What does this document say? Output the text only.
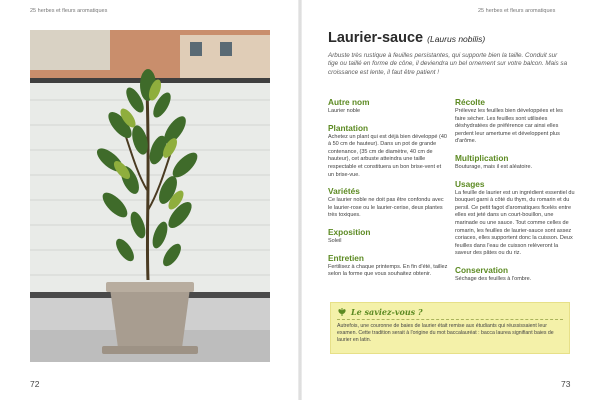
25 herbes et fleurs aromatiques
72
25 herbes et fleurs aromatiques
Laurier-sauce (Laurus nobilis)
Arbuste très rustique à feuilles persistantes, qui supporte bien la taille. Conduit sur tige ou taillé en forme de cône, il deviendra un bel ornement sur votre balcon. Mais sa croissance est lente, il faut être patient !
Autre nom

Laurier noble

Plantation

Achetez un plant qui est déjà bien développé (40 à 50 cm de hauteur). Dans un pot de grande contenance, (35 cm de diamètre, 40 cm de hauteur), cet arbuste atteindra une taille respectable et constituera un bon brise-vent et un brise-vue.

Variétés

Ce laurier noble ne doit pas être confondu avec le laurier-rose ou le laurier-cerise, deux plantes très toxiques.

Exposition

Soleil

Entretien

Fertilisez à chaque printemps. En fin d'été, taillez selon la forme que vous souhaitez obtenir.

Récolte

Prélevez les feuilles bien développées et les faire sécher. Les feuilles sont utilisées déshydratées de préférence car ainsi elles perdent leur amertume et développent plus d'arôme.

Multiplication

Bouturage, mais il est aléatoire.

Usages

La feuille de laurier est un ingrédient essentiel du bouquet garni à côté du thym, du romarin et du persil. Ce petit fagot d'aromatiques ficelés entre elles est jeté dans un court-bouillon, une marinade ou une sauce. Tout comme celles de romarin, les feuilles de laurier-sauce sont assez coriaces, elles supportent donc la cuisson. Deux feuilles dans l'eau de cuisson relèveront la saveur des pâtes ou du riz.

Conservation

Séchage des feuilles à l'ombre.

Le saviez-vous ?
Autrefois, une couronne de baies de laurier était remise aux étudiants qui réussissaient leur examen. Cette tradition serait à l'origine du mot baccalauréat : bacca laurea signifiant baies de laurier en latin.
73
